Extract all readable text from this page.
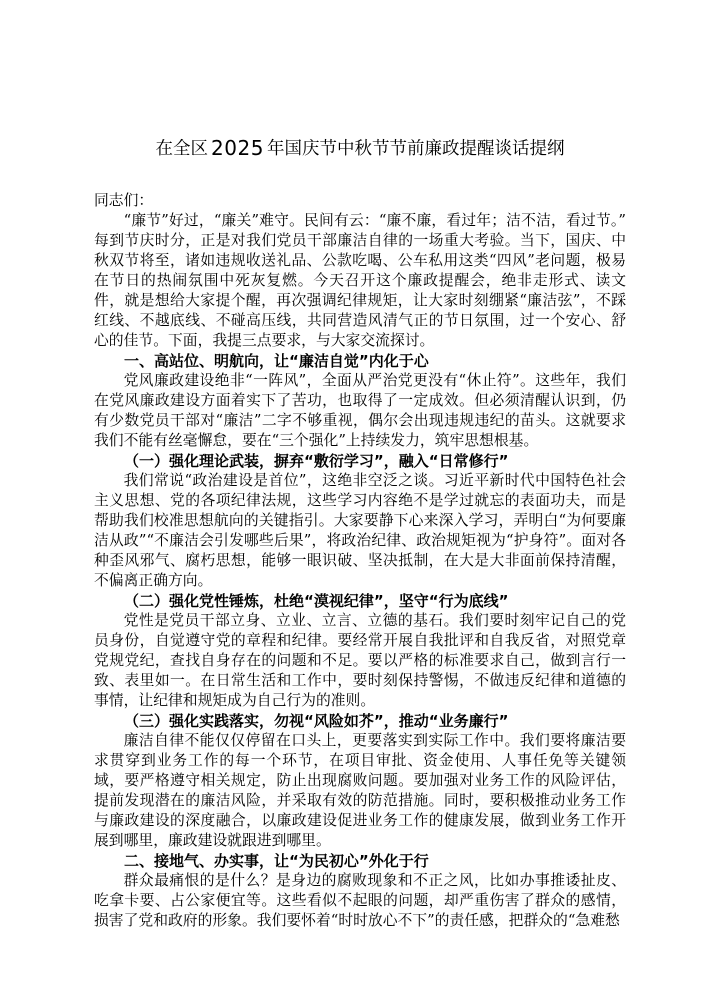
在全区 2025 年国庆节中秋节节前廉政提醒谈话提纲

同志们：

“廉节”好过，“廉关”难守。民间有云：“廉不廉，看过年；洁不洁，看过节。”每到节庆时分，正是对我们党员干部廉洁自律的一场重大考验。当下，国庆、中秋双节将至，诸如违规收送礼品、公款吃喝、公车私用这类“四风”老问题，极易在节日的热闹氛围中死灰复燃。今天召开这个廉政提醒会，绝非走形式、读文件，就是想给大家提个醒，再次强调纪律规矩，让大家时刻绷紧“廉洁弦”，不踩红线、不越底线、不碰高压线，共同营造风清气正的节日氛围，过一个安心、舒心的佳节。下面，我提三点要求，与大家交流探讨。

一、高站位、明航向，让“廉洁自觉”内化于心

党风廉政建设绝非“一阵风”，全面从严治党更没有“休止符”。这些年，我们在党风廉政建设方面着实下了苦功，也取得了一定成效。但必须清醒认识到，仍有少数党员干部对“廉洁”二字不够重视，偶尔会出现违规违纪的苗头。这就要求我们不能有丝毫懈怠，要在“三个强化”上持续发力，筑牢思想根基。

（一）强化理论武装，摒弃“敷衍学习”，融入“日常修行”

我们常说“政治建设是首位”，这绝非空泛之谈。习近平新时代中国特色社会主义思想、党的各项纪律法规，这些学习内容绝不是学过就忘的表面功夫，而是帮助我们校准思想航向的关键指引。大家要静下心来深入学习，弄明白“为何要廉洁从政”“不廉洁会引发哪些后果”，将政治纪律、政治规矩视为“护身符”。面对各种歪风邪气、腐朽思想，能够一眼识破、坚决抵制，在大是大非面前保持清醒，不偏离正确方向。

（二）强化党性锤炼，杜绝“漠视纪律”，坚守“行为底线”

党性是党员干部立身、立业、立言、立德的基石。我们要时刻牢记自己的党员身份，自觉遵守党的章程和纪律。要经常开展自我批评和自我反省，对照党章党规党纪，查找自身存在的问题和不足。要以严格的标准要求自己，做到言行一致、表里如一。在日常生活和工作中，要时刻保持警惕，不做违反纪律和道德的事情，让纪律和规矩成为自己行为的准则。

（三）强化实践落实，勿视“风险如芥”，推动“业务廉行”

廉洁自律不能仅仅停留在口头上，更要落实到实际工作中。我们要将廉洁要求贯穿到业务工作的每一个环节，在项目审批、资金使用、人事任免等关键领域，要严格遵守相关规定，防止出现腐败问题。要加强对业务工作的风险评估，提前发现潜在的廉洁风险，并采取有效的防范措施。同时，要积极推动业务工作与廉政建设的深度融合，以廉政建设促进业务工作的健康发展，做到业务工作开展到哪里，廉政建设就跟进到哪里。

二、接地气、办实事，让“为民初心”外化于行

群众最痛恨的是什么？是身边的腐败现象和不正之风，比如办事推诿扯皮、吃拿卡要、占公家便宜等。这些看似不起眼的问题，却严重伤害了群众的感情，损害了党和政府的形象。我们要怀着“时时放心不下”的责任感，把群众的“急难愁
